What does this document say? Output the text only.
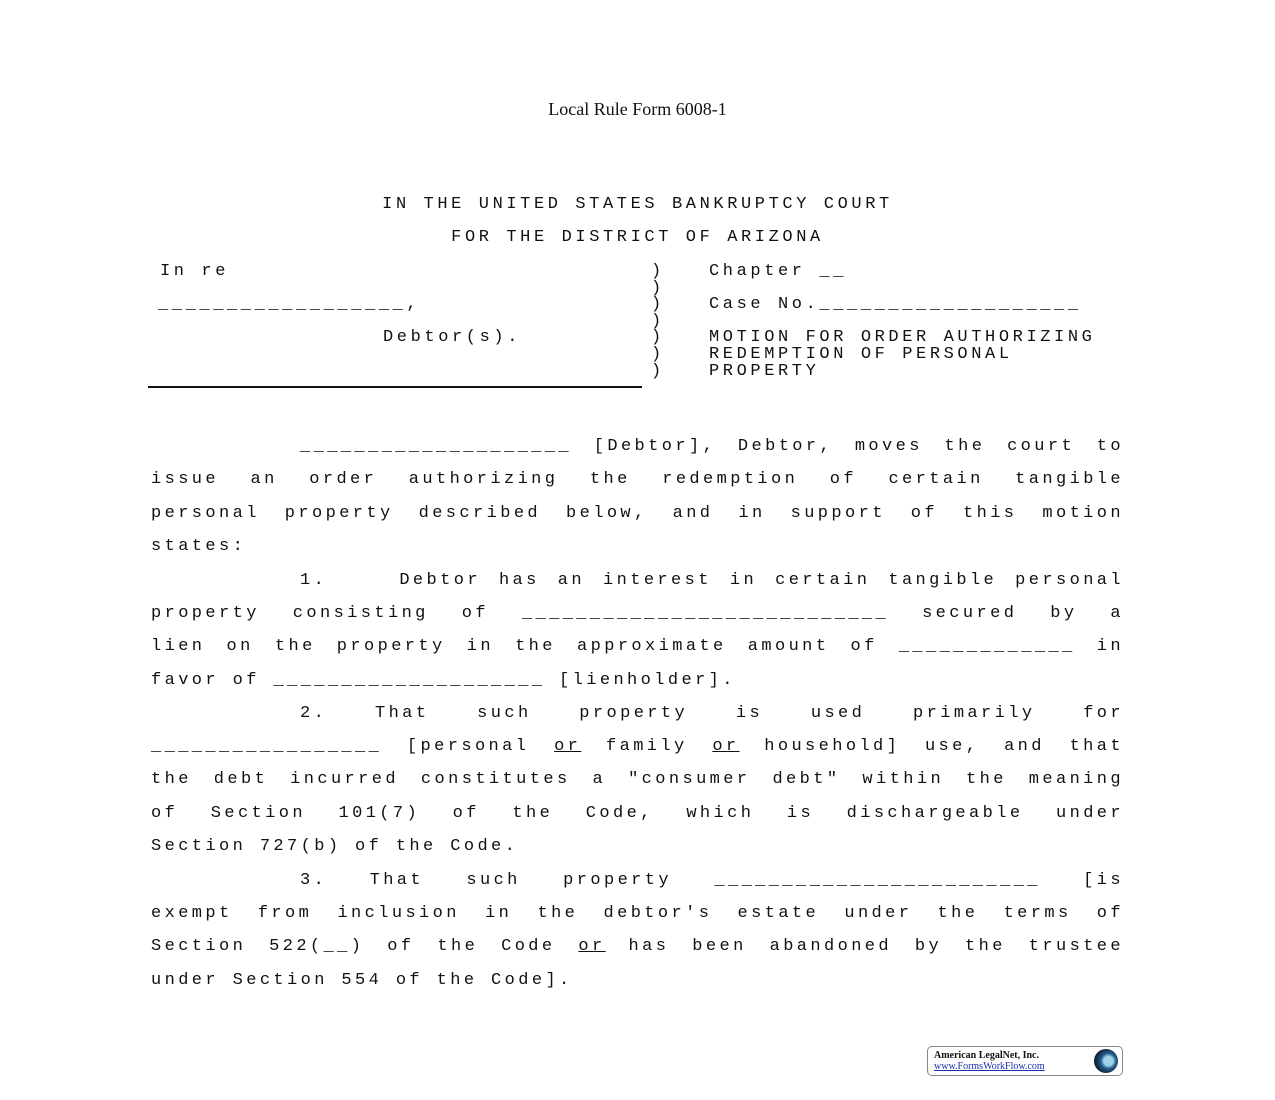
Local Rule Form 6008-1
IN THE UNITED STATES BANKRUPTCY COURT
FOR THE DISTRICT OF ARIZONA
In re
__________________,
Debtor(s).
)
)
)
)
)
)
)
Chapter __
Case No.___________________
MOTION FOR ORDER AUTHORIZING
REDEMPTION OF PERSONAL
PROPERTY
____________________ [Debtor], Debtor, moves the court to
issue an order authorizing the redemption of certain tangible
personal property described below, and in support of this motion
states:
1.    Debtor has an interest in certain tangible personal
property consisting of ___________________________ secured by a
lien on the property in the approximate amount of _____________ in
favor of ____________________ [lienholder].
2. That such property is used primarily for
_________________ [personal or family or household] use, and that
the debt incurred constitutes a "consumer debt" within the meaning
of Section 101(7) of the Code, which is dischargeable under
Section 727(b) of the Code.
3. That such property ________________________ [is
exempt from inclusion in the debtor's estate under the terms of
Section 522(__) of the Code or has been abandoned by the trustee
under Section 554 of the Code].
American LegalNet, Inc.
www.FormsWorkFlow.com
